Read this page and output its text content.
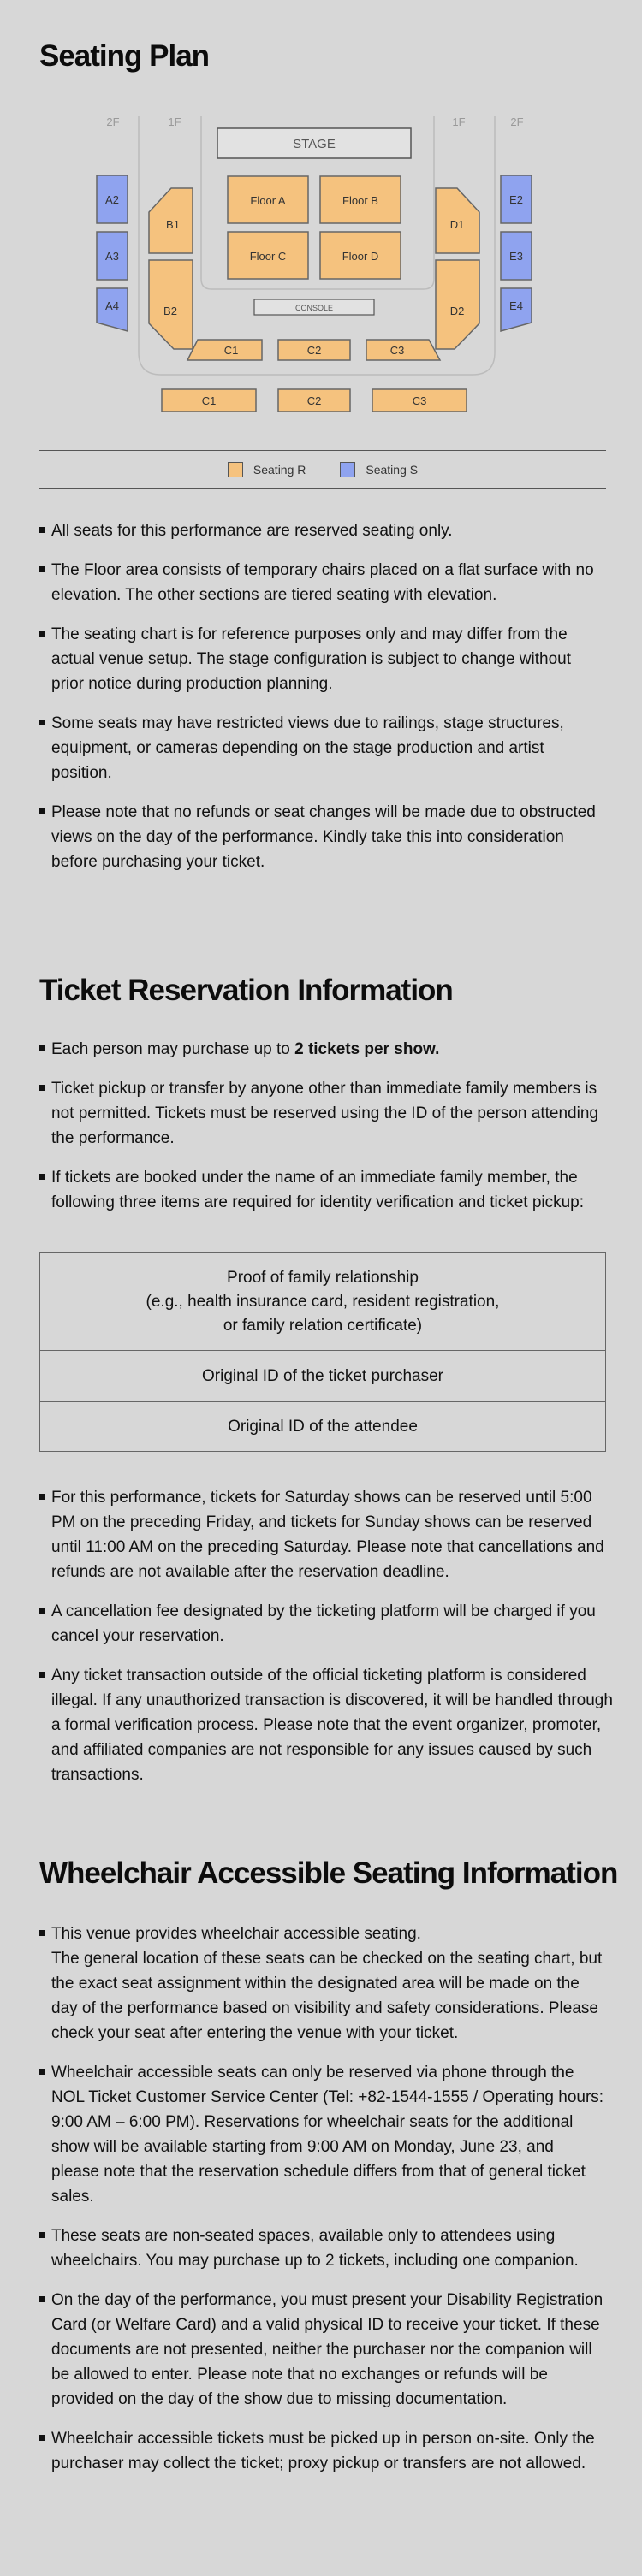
Seating Plan
2F	1F	1F	2F
STAGE
Floor A	Floor B
Floor C	Floor D
CONSOLE
B1
B2
D1
D2
C1	C2	C3
A2
A3
A4
E2
E3
E4
C1	C2	C3
Seating R	Seating S
All seats for this performance are reserved seating only.
The Floor area consists of temporary chairs placed on a flat surface with no elevation. The other sections are tiered seating with elevation.
The seating chart is for reference purposes only and may differ from the actual venue setup. The stage configuration is subject to change without prior notice during production planning.
Some seats may have restricted views due to railings, stage structures, equipment, or cameras depending on the stage production and artist position.
Please note that no refunds or seat changes will be made due to obstructed views on the day of the performance. Kindly take this into consideration before purchasing your ticket.
Ticket Reservation Information
Each person may purchase up to 2 tickets per show.
Ticket pickup or transfer by anyone other than immediate family members is not permitted. Tickets must be reserved using the ID of the person attending the performance.
If tickets are booked under the name of an immediate family member, the following three items are required for identity verification and ticket pickup:
Proof of family relationship
(e.g., health insurance card, resident registration,
or family relation certificate)

Original ID of the ticket purchaser
Original ID of the attendee
For this performance, tickets for Saturday shows can be reserved until 5:00 PM on the preceding Friday, and tickets for Sunday shows can be reserved until 11:00 AM on the preceding Saturday. Please note that cancellations and refunds are not available after the reservation deadline.
A cancellation fee designated by the ticketing platform will be charged if you cancel your reservation.
Any ticket transaction outside of the official ticketing platform is considered illegal. If any unauthorized transaction is discovered, it will be handled through a formal verification process. Please note that the event organizer, promoter, and affiliated companies are not responsible for any issues caused by such transactions.
Wheelchair Accessible Seating Information
This venue provides wheelchair accessible seating.
The general location of these seats can be checked on the seating chart, but the exact seat assignment within the designated area will be made on the day of the performance based on visibility and safety considerations. Please check your seat after entering the venue with your ticket.
Wheelchair accessible seats can only be reserved via phone through the NOL Ticket Customer Service Center (Tel: +82-1544-1555 / Operating hours: 9:00 AM – 6:00 PM). Reservations for wheelchair seats for the additional show will be available starting from 9:00 AM on Monday, June 23, and please note that the reservation schedule differs from that of general ticket sales.
These seats are non-seated spaces, available only to attendees using wheelchairs. You may purchase up to 2 tickets, including one companion.
On the day of the performance, you must present your Disability Registration Card (or Welfare Card) and a valid physical ID to receive your ticket. If these documents are not presented, neither the purchaser nor the companion will be allowed to enter. Please note that no exchanges or refunds will be provided on the day of the show due to missing documentation.
Wheelchair accessible tickets must be picked up in person on-site. Only the purchaser may collect the ticket; proxy pickup or transfers are not allowed.
